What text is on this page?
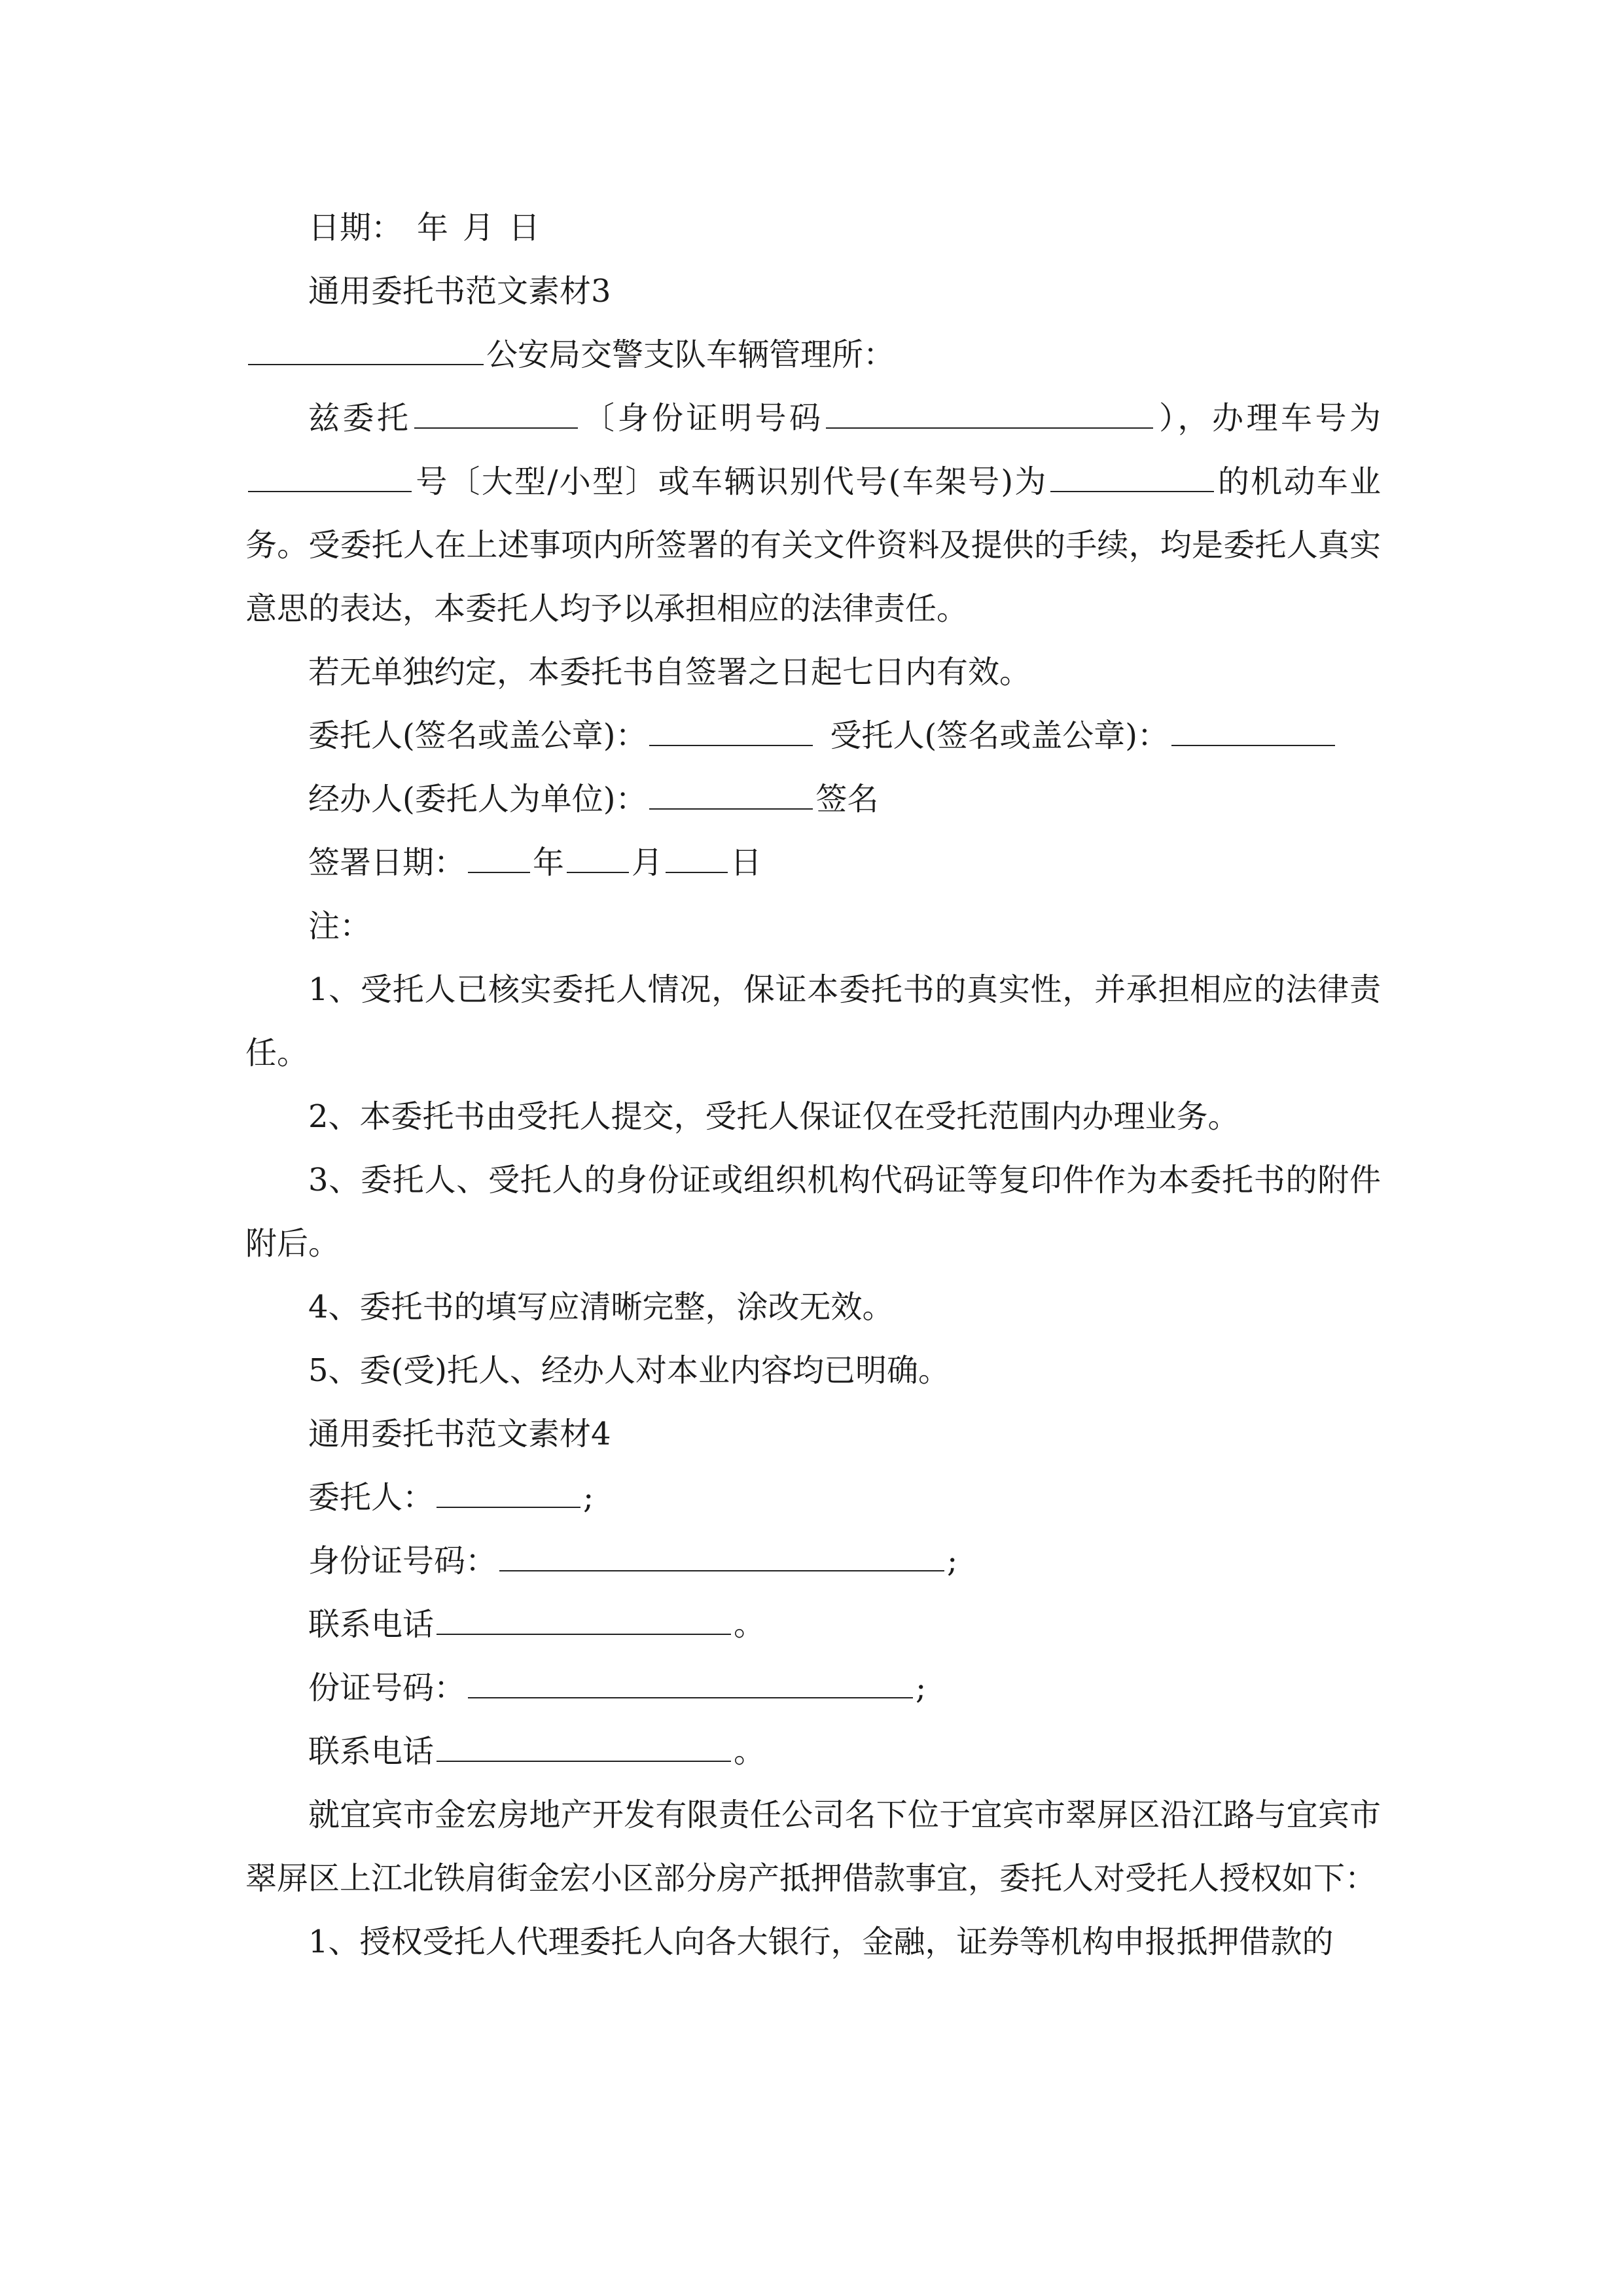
日期： 年 月 日

通用委托书范文素材3

公安局交警支队车辆管理所：

兹委托	〔身份证明号码	），办理车号为号〔大型/小型〕或车辆识别代号(车架号)为	的机动车业务。受委托人在上述事项内所签署的有关文件资料及提供的手续，均是委托人真实意思的表达，本委托人均予以承担相应的法律责任。

若无单独约定，本委托书自签署之日起七日内有效。

委托人(签名或盖公章)：	受托人(签名或盖公章)：

经办人(委托人为单位)：	签名

签署日期： 年 月 日

注：

1、受托人已核实委托人情况，保证本委托书的真实性，并承担相应的法律责任。

2、本委托书由受托人提交，受托人保证仅在受托范围内办理业务。

3、委托人、受托人的身份证或组织机构代码证等复印件作为本委托书的附件附后。

4、委托书的填写应清晰完整，涂改无效。

5、委(受)托人、经办人对本业内容均已明确。

通用委托书范文素材4

委托人：	;

身份证号码：	;

联系电话	。

份证号码：	;

联系电话	。

就宜宾市金宏房地产开发有限责任公司名下位于宜宾市翠屏区沿江路与宜宾市翠屏区上江北铁肩街金宏小区部分房产抵押借款事宜，委托人对受托人授权如下：

1、授权受托人代理委托人向各大银行，金融，证券等机构申报抵押借款的
